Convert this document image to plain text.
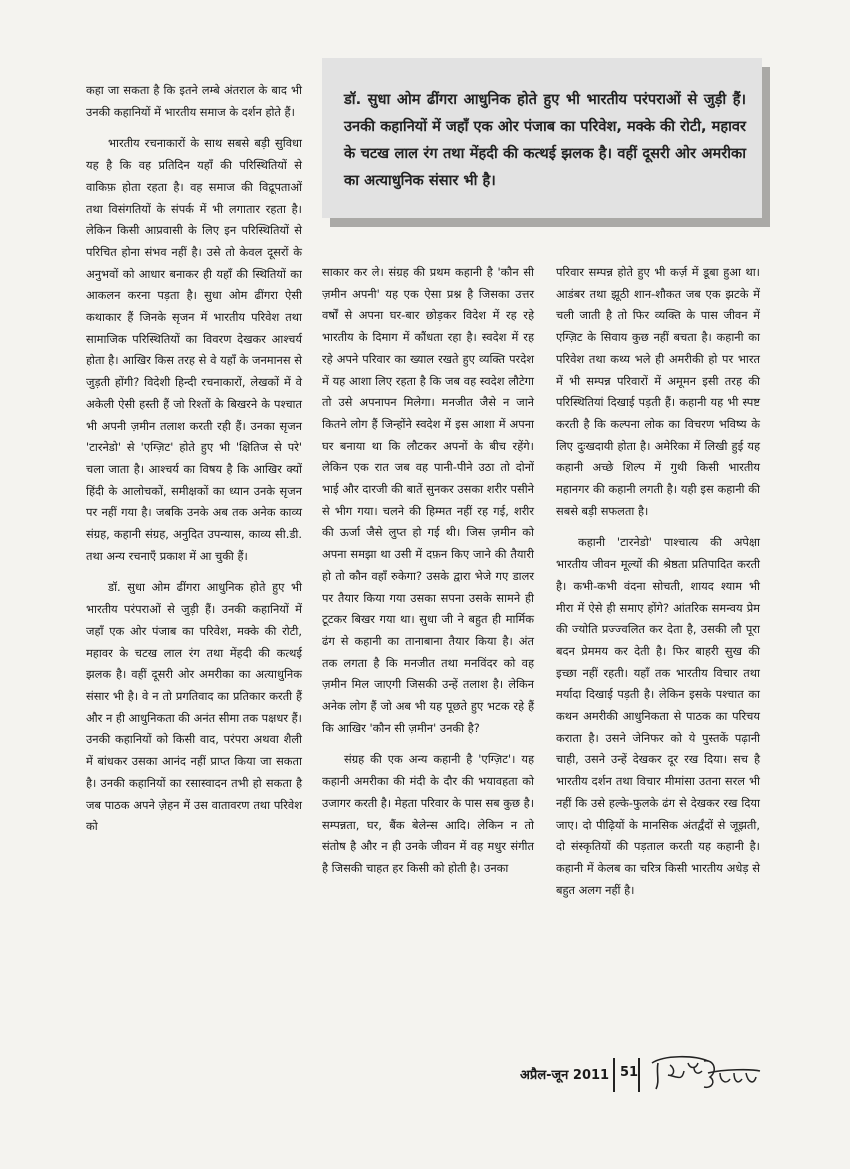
कहा जा सकता है कि इतने लम्बे अंतराल के बाद भी उनकी कहानियों में भारतीय समाज के दर्शन होते हैं।

भारतीय रचनाकारों के साथ सबसे बड़ी सुविधा यह है कि वह प्रतिदिन यहाँ की परिस्थितियों से वाकिफ़ होता रहता है। वह समाज की विद्रूपताओं तथा विसंगतियों के संपर्क में भी लगातार रहता है। लेकिन किसी आप्रवासी के लिए इन परिस्थितियों से परिचित होना संभव नहीं है। उसे तो केवल दूसरों के अनुभवों को आधार बनाकर ही यहाँ की स्थितियों का आकलन करना पड़ता है। सुधा ओम ढींगरा ऐसी कथाकार हैं जिनके सृजन में भारतीय परिवेश तथा सामाजिक परिस्थितियों का विवरण देखकर आश्चर्य होता है। आखिर किस तरह से वे यहाँ के जनमानस से जुड़ती होंगी? विदेशी हिन्दी रचनाकारों, लेखकों में वे अकेली ऐसी हस्ती हैं जो रिश्तों के बिखरने के पश्चात भी अपनी ज़मीन तलाश करती रही हैं। उनका सृजन 'टारनेडो' से 'एग्ज़िट' होते हुए भी 'क्षितिज से परे' चला जाता है। आश्चर्य का विषय है कि आखिर क्यों हिंदी के आलोचकों, समीक्षकों का ध्यान उनके सृजन पर नहीं गया है। जबकि उनके अब तक अनेक काव्य संग्रह, कहानी संग्रह, अनुदित उपन्यास, काव्य सी.डी. तथा अन्य रचनाएँ प्रकाश में आ चुकी हैं।

डॉ. सुधा ओम ढींगरा आधुनिक होते हुए भी भारतीय परंपराओं से जुड़ी हैं। उनकी कहानियों में जहाँ एक ओर पंजाब का परिवेश, मक्के की रोटी, महावर के चटख लाल रंग तथा मेंहदी की कत्थई झलक है। वहीं दूसरी ओर अमरीका का अत्याधुनिक संसार भी है। वे न तो प्रगतिवाद का प्रतिकार करती हैं और न ही आधुनिकता की अनंत सीमा तक पक्षधर हैं। उनकी कहानियों को किसी वाद, परंपरा अथवा शैली में बांधकर उसका आनंद नहीं प्राप्त किया जा सकता है। उनकी कहानियों का रसास्वादन तभी हो सकता है जब पाठक अपने ज़ेहन में उस वातावरण तथा परिवेश को

डॉ. सुधा ओम ढींगरा आधुनिक होते हुए भी भारतीय परंपराओं से जुड़ी हैं। उनकी कहानियों में जहाँ एक ओर पंजाब का परिवेश, मक्के की रोटी, महावर के चटख लाल रंग तथा मेंहदी की कत्थई झलक है। वहीं दूसरी ओर अमरीका का अत्याधुनिक संसार भी है।

साकार कर ले। संग्रह की प्रथम कहानी है 'कौन सी ज़मीन अपनी' यह एक ऐसा प्रश्न है जिसका उत्तर वर्षों से अपना घर-बार छोड़कर विदेश में रह रहे भारतीय के दिमाग में कौंधता रहा है। स्वदेश में रह रहे अपने परिवार का ख्याल रखते हुए व्यक्ति परदेश में यह आशा लिए रहता है कि जब वह स्वदेश लौटेगा तो उसे अपनापन मिलेगा। मनजीत जैसे न जाने कितने लोग हैं जिन्होंने स्वदेश में इस आशा में अपना घर बनाया था कि लौटकर अपनों के बीच रहेंगे। लेकिन एक रात जब वह पानी-पीने उठा तो दोनों भाई और दारजी की बातें सुनकर उसका शरीर पसीने से भीग गया। चलने की हिम्मत नहीं रह गई, शरीर की ऊर्जा जैसे लुप्त हो गई थी। जिस ज़मीन को अपना समझा था उसी में दफ़न किए जाने की तैयारी हो तो कौन वहाँ रुकेगा? उसके द्वारा भेजे गए डालर पर तैयार किया गया उसका सपना उसके सामने ही टूटकर बिखर गया था। सुधा जी ने बहुत ही मार्मिक ढंग से कहानी का तानाबाना तैयार किया है। अंत तक लगता है कि मनजीत तथा मनविंदर को वह ज़मीन मिल जाएगी जिसकी उन्हें तलाश है। लेकिन अनेक लोग हैं जो अब भी यह पूछते हुए भटक रहे हैं कि आखिर 'कौन सी ज़मीन' उनकी है?

संग्रह की एक अन्य कहानी है 'एग्ज़िट'। यह कहानी अमरीका की मंदी के दौर की भयावहता को उजागर करती है। मेहता परिवार के पास सब कुछ है। सम्पन्नता, घर, बैंक बेलेन्स आदि। लेकिन न तो संतोष है और न ही उनके जीवन में वह मधुर संगीत है जिसकी चाहत हर किसी को होती है। उनका

परिवार सम्पन्न होते हुए भी कर्ज़ में डूबा हुआ था। आडंबर तथा झूठी शान-शौकत जब एक झटके में चली जाती है तो फिर व्यक्ति के पास जीवन में एग्ज़िट के सिवाय कुछ नहीं बचता है। कहानी का परिवेश तथा कथ्य भले ही अमरीकी हो पर भारत में भी सम्पन्न परिवारों में अमूमन इसी तरह की परिस्थितियां दिखाई पड़ती हैं। कहानी यह भी स्पष्ट करती है कि कल्पना लोक का विचरण भविष्य के लिए दुःखदायी होता है। अमेरिका में लिखी हुई यह कहानी अच्छे शिल्प में गुथी किसी भारतीय महानगर की कहानी लगती है। यही इस कहानी की सबसे बड़ी सफलता है।

कहानी 'टारनेडो' पाश्चात्य की अपेक्षा भारतीय जीवन मूल्यों की श्रेष्ठता प्रतिपादित करती है। कभी-कभी वंदना सोचती, शायद श्याम भी मीरा में ऐसे ही समाए होंगे? आंतरिक समन्वय प्रेम की ज्योति प्रज्ज्वलित कर देता है, उसकी लौ पूरा बदन प्रेममय कर देती है। फिर बाहरी सुख की इच्छा नहीं रहती। यहाँ तक भारतीय विचार तथा मर्यादा दिखाई पड़ती है। लेकिन इसके पश्चात का कथन अमरीकी आधुनिकता से पाठक का परिचय कराता है। उसने जेनिफर को ये पुस्तकें पढ़ानी चाही, उसने उन्हें देखकर दूर रख दिया। सच है भारतीय दर्शन तथा विचार मीमांसा उतना सरल भी नहीं कि उसे हल्के-फुलके ढंग से देखकर रख दिया जाए। दो पीढ़ियों के मानसिक अंतर्द्वंदों से जूझती, दो संस्कृतियों की पड़ताल करती यह कहानी है। कहानी में केलब का चरित्र किसी भारतीय अधेड़ से बहुत अलग नहीं है।

अप्रैल-जून 2011 51
